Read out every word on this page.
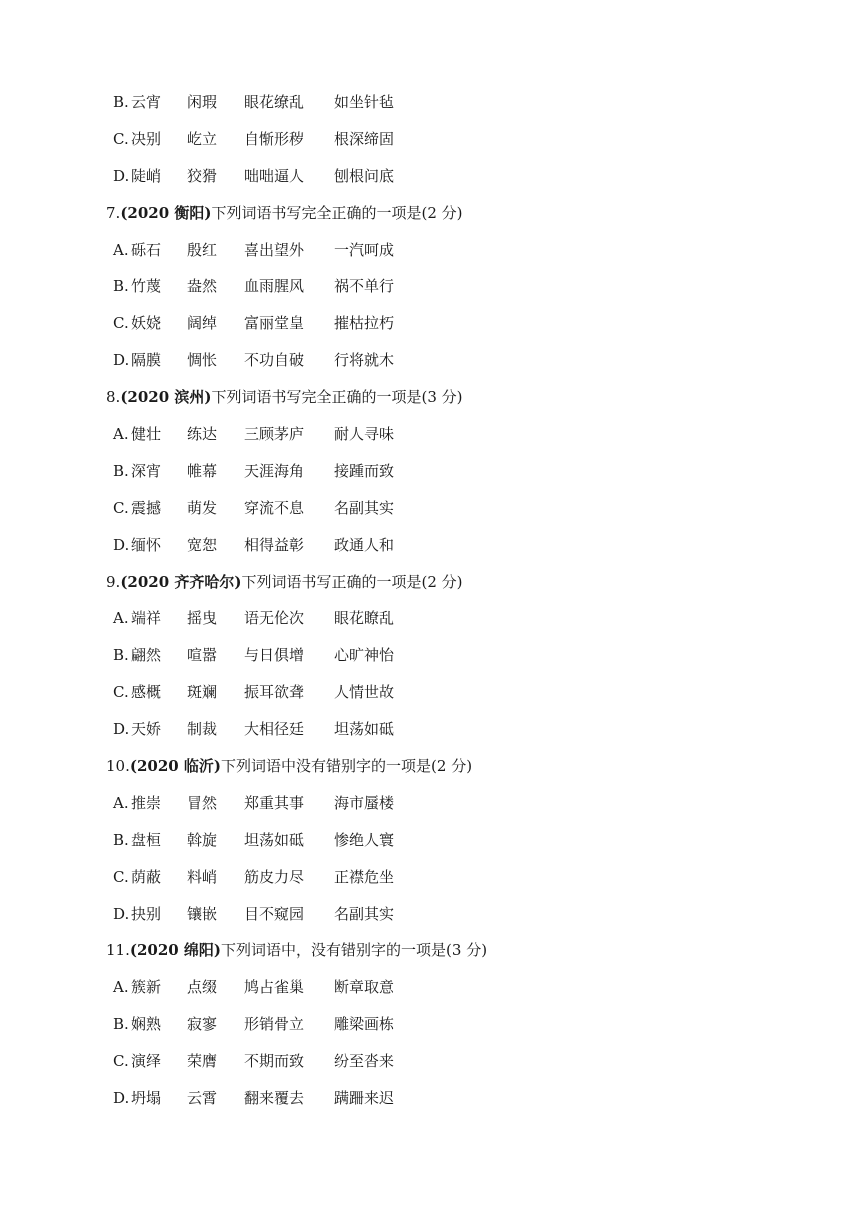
B. 云宵 闲瑕 眼花缭乱 如坐针毡
C. 决别 屹立 自惭形秽 根深缔固
D. 陡峭 狡猾 咄咄逼人 刨根问底
7.(2020 衡阳)下列词语书写完全正确的一项是(2 分)
A. 砾石 殷红 喜出望外 一汽呵成
B. 竹蔑 盎然 血雨腥风 祸不单行
C. 妖娆 阔绰 富丽堂皇 摧枯拉朽
D. 隔膜 惆怅 不功自破 行将就木
8.(2020 滨州)下列词语书写完全正确的一项是(3 分)
A. 健壮 练达 三顾茅庐 耐人寻味
B. 深宵 帷幕 天涯海角 接踵而致
C. 震撼 萌发 穿流不息 名副其实
D. 缅怀 宽恕 相得益彰 政通人和
9.(2020 齐齐哈尔)下列词语书写正确的一项是(2 分)
A. 端祥 摇曳 语无伦次 眼花瞭乱
B. 翩然 喧嚣 与日俱增 心旷神怡
C. 感概 斑斓 振耳欲聋 人情世故
D. 天娇 制裁 大相径廷 坦荡如砥
10.(2020 临沂)下列词语中没有错别字的一项是(2 分)
A. 推崇 冒然 郑重其事 海市蜃楼
B. 盘桓 斡旋 坦荡如砥 惨绝人寰
C. 荫蔽 料峭 筋皮力尽 正襟危坐
D. 抉别 镶嵌 目不窥园 名副其实
11.(2020 绵阳)下列词语中，没有错别字的一项是(3 分)
A. 簇新 点缀 鸠占雀巢 断章取意
B. 娴熟 寂寥 形销骨立 雕梁画栋
C. 演绎 荣膺 不期而致 纷至沓来
D. 坍塌 云霄 翻来覆去 蹒跚来迟
